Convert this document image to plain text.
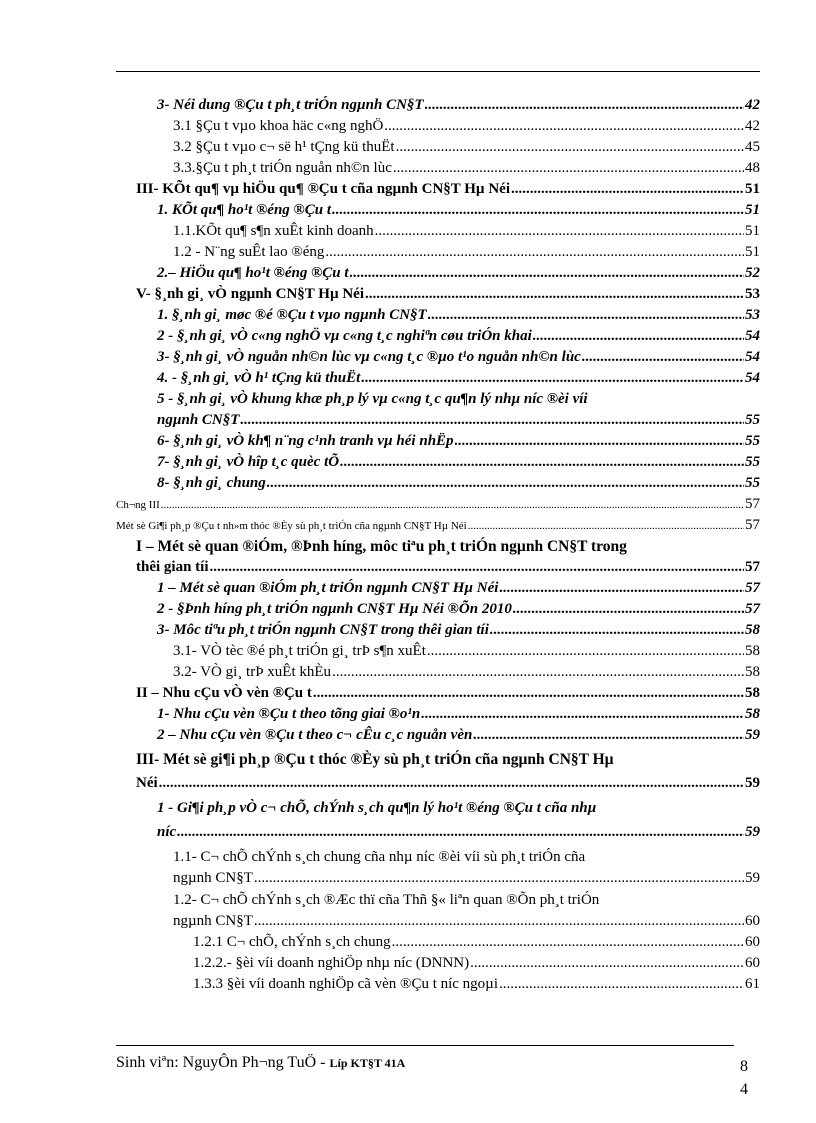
3- Néi dung ®Çu t ph¸t triÓn ngµnh CN§T .....	42
3.1 §Çu t vµo khoa häc c«ng nghÖ .....	42
3.2 §Çu t vµo c¬ së h¹ tÇng kü thuËt .....	45
3.3.§Çu t ph¸t triÓn nguån nh©n lùc .....	48
III- KÕt qu¶ vµ hiÖu qu¶ ®Çu t cña ngµnh CN§T Hµ Néi .....	51
1. KÕt qu¶ ho¹t ®éng ®Çu t .....	51
1.1.KÕt qu¶ s¶n xuÊt kinh doanh .....	51
1.2 - N¨ng suÊt lao ®éng .....	51
2.– HiÖu qu¶ ho¹t ®éng ®Çu t .....	52
V- §¸nh gi¸ vÒ ngµnh CN§T Hµ Néi .....	53
1. §¸nh gi¸ møc ®é ®Çu t vµo ngµnh CN§T .....	53
2 - §¸nh gi¸ vÒ c«ng nghÖ vµ c«ng t¸c nghiªn cøu triÓn khai .....	54
3- §¸nh gi¸ vÒ nguån nh©n lùc vµ c«ng t¸c ®µo t¹o nguån nh©n lùc .....	54
4. - §¸nh gi¸ vÒ h¹ tÇng kü thuËt .....	54
5 - §¸nh gi¸ vÒ khung khæ ph¸p lý vµ c«ng t¸c qu¶n lý nhµ níc ®èi víi
ngµnh CN§T .....	55
6- §¸nh gi¸ vÒ kh¶ n¨ng c¹nh tranh vµ héi nhËp .....	55
7- §¸nh gi¸ vÒ hîp t¸c quèc tÕ .....	55
8- §¸nh gi¸ chung .....	55
Ch¬ng III .....	57
Mét sè Gi¶i ph¸p ®Çu t nh»m thóc ®Èy sù ph¸t triÓn cña ngµnh CN§T Hµ Néi .....	57
I – Mét sè quan ®iÓm, ®Þnh híng, môc tiªu ph¸t triÓn ngµnh CN§T trong
thêi gian tíi .....	57
1 – Mét sè quan ®iÓm ph¸t triÓn ngµnh CN§T Hµ Néi .....	57
2 - §Þnh híng ph¸t triÓn ngµnh CN§T Hµ Néi ®Õn 2010 .....	57
3- Môc tiªu ph¸t triÓn ngµnh CN§T trong thêi gian tíi .....	58
3.1- VÒ tèc ®é ph¸t triÓn gi¸ trÞ s¶n xuÊt .....	58
3.2- VÒ gi¸ trÞ xuÊt khÈu .....	58
II – Nhu cÇu vÒ vèn ®Çu t .....	58
1- Nhu cÇu vèn ®Çu t theo tõng giai ®o¹n .....	58
2 – Nhu cÇu vèn ®Çu t theo c¬ cÊu c¸c nguån vèn .....	59
III- Mét sè gi¶i ph¸p ®Çu t thóc ®Èy sù ph¸t triÓn cña ngµnh CN§T Hµ
Néi .....	59
1 - Gi¶i ph¸p vÒ c¬ chÕ, chÝnh s¸ch qu¶n lý ho¹t ®éng ®Çu t cña nhµ
níc .....	59
1.1- C¬ chÕ chÝnh s¸ch chung cña nhµ níc ®èi víi sù ph¸t triÓn cña
ngµnh CN§T .....	59
1.2- C¬ chÕ chÝnh s¸ch ®Æc thï cña Thñ §« liªn quan ®Õn ph¸t triÓn
ngµnh CN§T .....	60
1.2.1 C¬ chÕ, chÝnh s¸ch chung .....	60
1.2.2.- §èi víi doanh nghiÖp nhµ níc (DNNN) .....	60
1.3.3 §èi víi doanh nghiÖp cã vèn ®Çu t níc ngoµi .....	61
Sinh viªn: NguyÔn Ph¬ng TuÖ - Líp KT§T 41A	8
4
